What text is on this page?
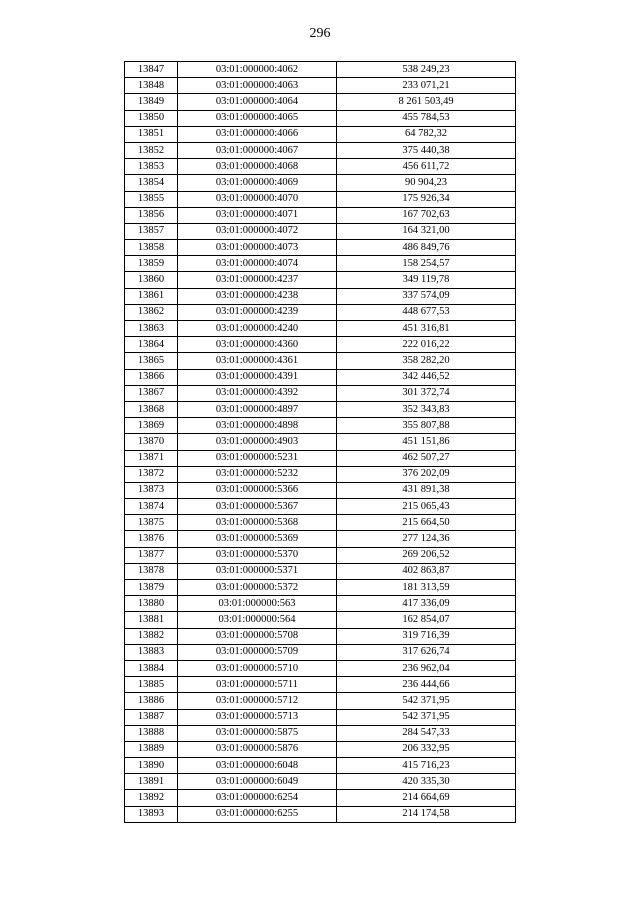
296
13847	03:01:000000:4062	538 249,23
13848	03:01:000000:4063	233 071,21
13849	03:01:000000:4064	8 261 503,49
13850	03:01:000000:4065	455 784,53
13851	03:01:000000:4066	64 782,32
13852	03:01:000000:4067	375 440,38
13853	03:01:000000:4068	456 611,72
13854	03:01:000000:4069	90 904,23
13855	03:01:000000:4070	175 926,34
13856	03:01:000000:4071	167 702,63
13857	03:01:000000:4072	164 321,00
13858	03:01:000000:4073	486 849,76
13859	03:01:000000:4074	158 254,57
13860	03:01:000000:4237	349 119,78
13861	03:01:000000:4238	337 574,09
13862	03:01:000000:4239	448 677,53
13863	03:01:000000:4240	451 316,81
13864	03:01:000000:4360	222 016,22
13865	03:01:000000:4361	358 282,20
13866	03:01:000000:4391	342 446,52
13867	03:01:000000:4392	301 372,74
13868	03:01:000000:4897	352 343,83
13869	03:01:000000:4898	355 807,88
13870	03:01:000000:4903	451 151,86
13871	03:01:000000:5231	462 507,27
13872	03:01:000000:5232	376 202,09
13873	03:01:000000:5366	431 891,38
13874	03:01:000000:5367	215 065,43
13875	03:01:000000:5368	215 664,50
13876	03:01:000000:5369	277 124,36
13877	03:01:000000:5370	269 206,52
13878	03:01:000000:5371	402 863,87
13879	03:01:000000:5372	181 313,59
13880	03:01:000000:563	417 336,09
13881	03:01:000000:564	162 854,07
13882	03:01:000000:5708	319 716,39
13883	03:01:000000:5709	317 626,74
13884	03:01:000000:5710	236 962,04
13885	03:01:000000:5711	236 444,66
13886	03:01:000000:5712	542 371,95
13887	03:01:000000:5713	542 371,95
13888	03:01:000000:5875	284 547,33
13889	03:01:000000:5876	206 332,95
13890	03:01:000000:6048	415 716,23
13891	03:01:000000:6049	420 335,30
13892	03:01:000000:6254	214 664,69
13893	03:01:000000:6255	214 174,58
